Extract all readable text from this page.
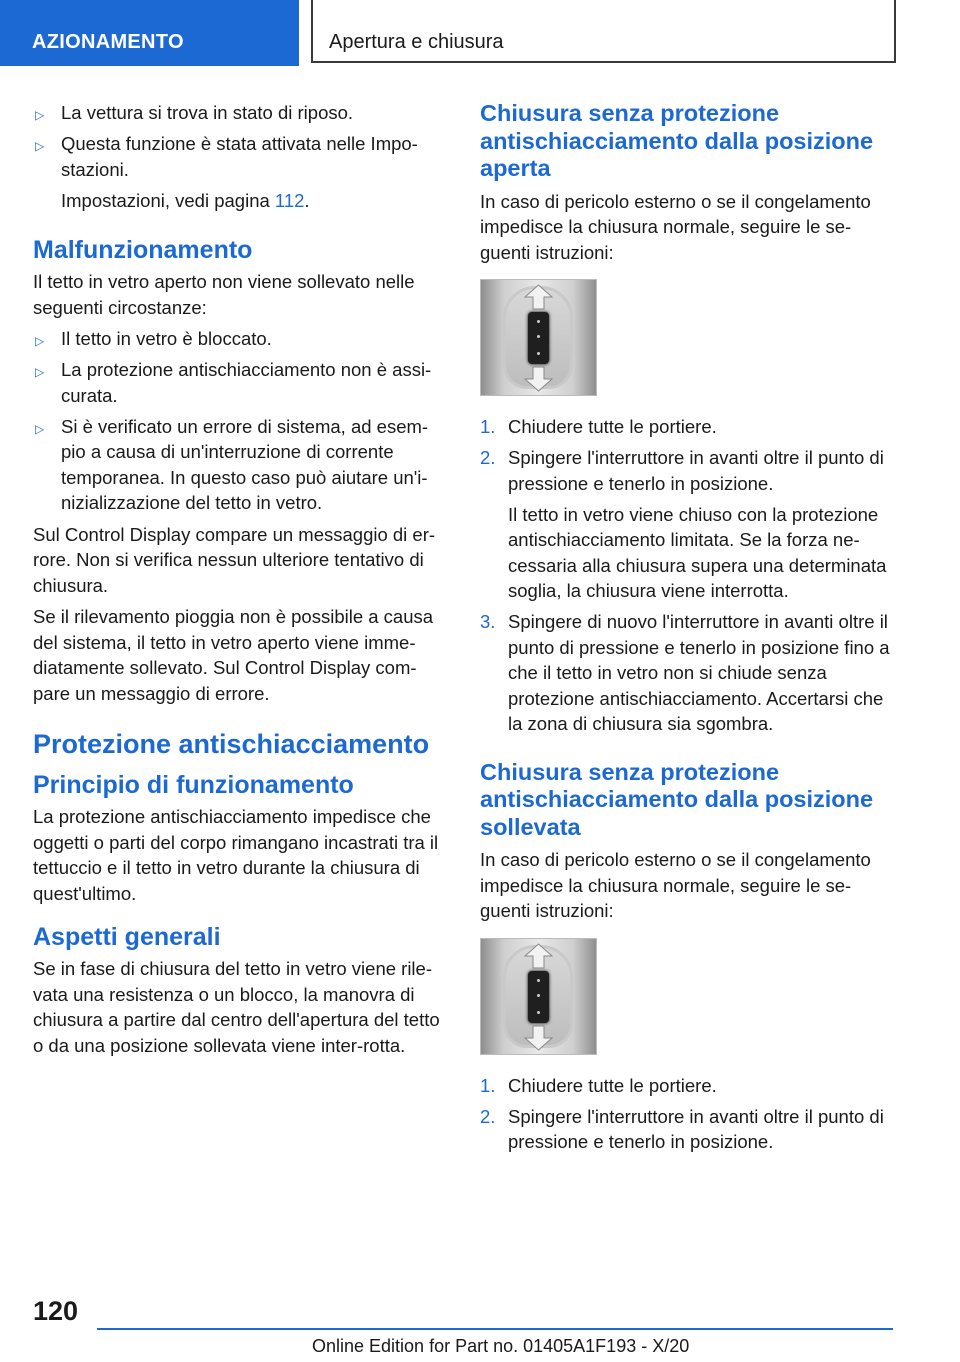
AZIONAMENTO	Apertura e chiusura
▷ La vettura si trova in stato di riposo.
▷ Questa funzione è stata attivata nelle Impo-stazioni.
Impostazioni, vedi pagina 112.
Malfunzionamento

Il tetto in vetro aperto non viene sollevato nelle seguenti circostanze:

▷ Il tetto in vetro è bloccato.
▷ La protezione antischiacciamento non è assi-curata.
▷ Si è verificato un errore di sistema, ad esem-pio a causa di un'interruzione di corrente temporanea. In questo caso può aiutare un'i-nizializzazione del tetto in vetro.

Sul Control Display compare un messaggio di er-rore. Non si verifica nessun ulteriore tentativo di chiusura.

Se il rilevamento pioggia non è possibile a causa del sistema, il tetto in vetro aperto viene imme-diatamente sollevato. Sul Control Display com-pare un messaggio di errore.

Protezione antischiacciamento
Principio di funzionamento

La protezione antischiacciamento impedisce che oggetti o parti del corpo rimangano incastrati tra il tettuccio e il tetto in vetro durante la chiusura di quest'ultimo.

Aspetti generali

Se in fase di chiusura del tetto in vetro viene rile-vata una resistenza o un blocco, la manovra di chiusura a partire dal centro dell'apertura del tetto o da una posizione sollevata viene inter-rotta.

Chiusura senza protezione antischiacciamento dalla posizione aperta

In caso di pericolo esterno o se il congelamento impedisce la chiusura normale, seguire le se-guenti istruzioni:

1. Chiudere tutte le portiere.
2. Spingere l'interruttore in avanti oltre il punto di pressione e tenerlo in posizione.
Il tetto in vetro viene chiuso con la protezione antischiacciamento limitata. Se la forza ne-cessaria alla chiusura supera una determinata soglia, la chiusura viene interrotta.
3. Spingere di nuovo l'interruttore in avanti oltre il punto di pressione e tenerlo in posizione fino a che il tetto in vetro non si chiude senza protezione antischiacciamento. Accertarsi che la zona di chiusura sia sgombra.
Chiusura senza protezione antischiacciamento dalla posizione sollevata

In caso di pericolo esterno o se il congelamento impedisce la chiusura normale, seguire le se-guenti istruzioni:

1. Chiudere tutte le portiere.
2. Spingere l'interruttore in avanti oltre il punto di pressione e tenerlo in posizione.
120
Online Edition for Part no. 01405A1F193 - X/20
